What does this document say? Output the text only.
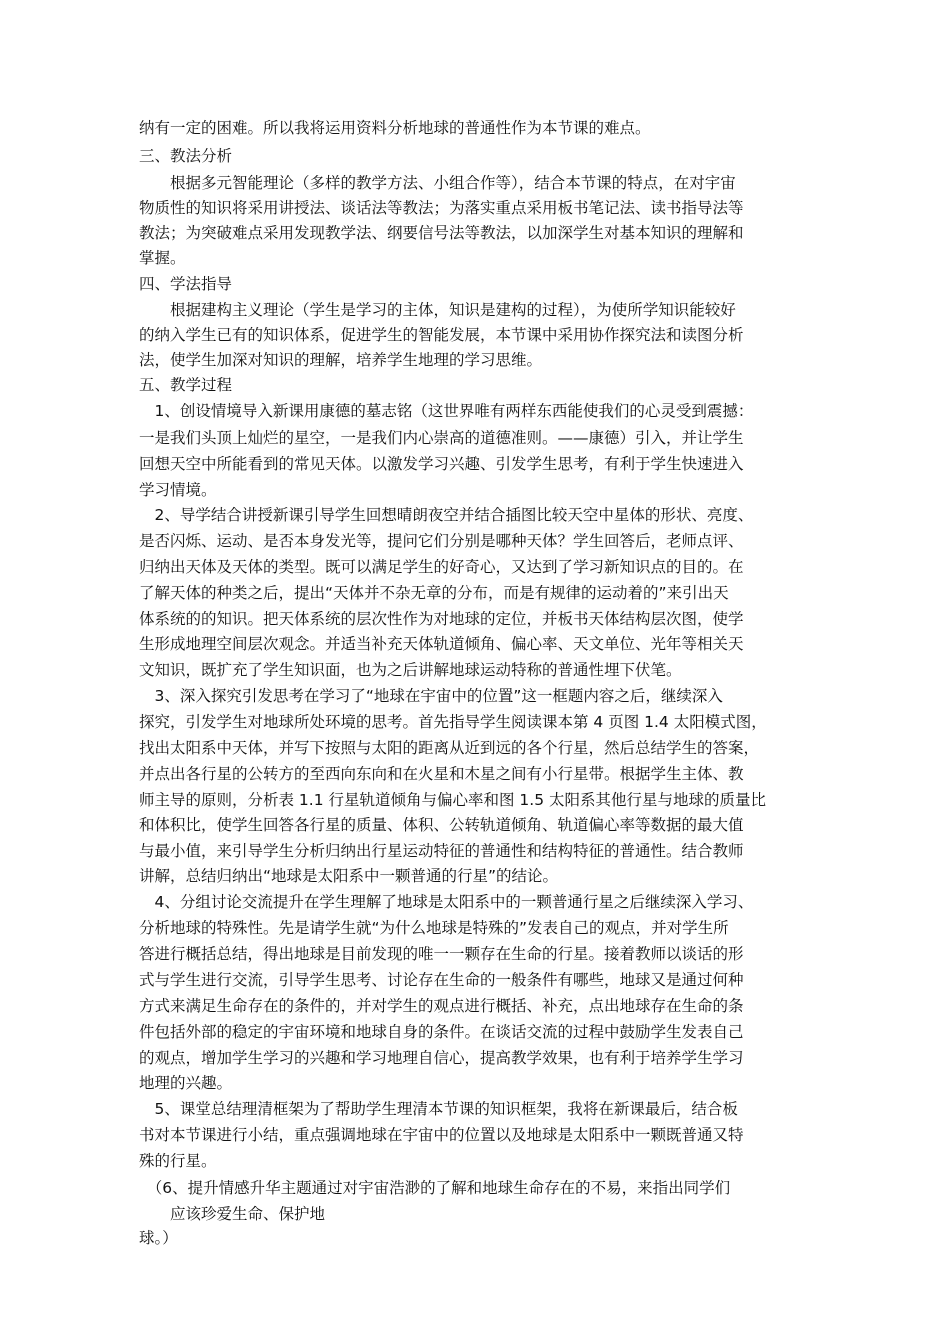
纳有一定的困难。所以我将运用资料分析地球的普通性作为本节课的难点。
三、教法分析
　　根据多元智能理论（多样的教学方法、小组合作等），结合本节课的特点，在对宇宙
物质性的知识将采用讲授法、谈话法等教法；为落实重点采用板书笔记法、读书指导法等
教法；为突破难点采用发现教学法、纲要信号法等教法，以加深学生对基本知识的理解和
掌握。
四、学法指导
　　根据建构主义理论（学生是学习的主体，知识是建构的过程），为使所学知识能较好
的纳入学生已有的知识体系，促进学生的智能发展，本节课中采用协作探究法和读图分析
法，使学生加深对知识的理解，培养学生地理的学习思维。
五、教学过程
　1、创设情境导入新课用康德的墓志铭（这世界唯有两样东西能使我们的心灵受到震撼：
一是我们头顶上灿烂的星空，一是我们内心崇高的道德准则。——康德）引入，并让学生
回想天空中所能看到的常见天体。以激发学习兴趣、引发学生思考，有利于学生快速进入
学习情境。
　2、导学结合讲授新课引导学生回想晴朗夜空并结合插图比较天空中星体的形状、亮度、
是否闪烁、运动、是否本身发光等，提问它们分别是哪种天体？学生回答后，老师点评、
归纳出天体及天体的类型。既可以满足学生的好奇心，又达到了学习新知识点的目的。在
了解天体的种类之后，提出“天体并不杂无章的分布，而是有规律的运动着的”来引出天
体系统的的知识。把天体系统的层次性作为对地球的定位，并板书天体结构层次图，使学
生形成地理空间层次观念。并适当补充天体轨道倾角、偏心率、天文单位、光年等相关天
文知识，既扩充了学生知识面，也为之后讲解地球运动特称的普通性埋下伏笔。
　3、深入探究引发思考在学习了“地球在宇宙中的位置”这一框题内容之后，继续深入
探究，引发学生对地球所处环境的思考。首先指导学生阅读课本第 4 页图 1.4 太阳模式图，
找出太阳系中天体，并写下按照与太阳的距离从近到远的各个行星，然后总结学生的答案，
并点出各行星的公转方的至西向东向和在火星和木星之间有小行星带。根据学生主体、教
师主导的原则，分析表 1.1 行星轨道倾角与偏心率和图 1.5 太阳系其他行星与地球的质量比
和体积比，使学生回答各行星的质量、体积、公转轨道倾角、轨道偏心率等数据的最大值
与最小值，来引导学生分析归纳出行星运动特征的普通性和结构特征的普通性。结合教师
讲解，总结归纳出“地球是太阳系中一颗普通的行星”的结论。
　4、分组讨论交流提升在学生理解了地球是太阳系中的一颗普通行星之后继续深入学习、
分析地球的特殊性。先是请学生就“为什么地球是特殊的”发表自己的观点，并对学生所
答进行概括总结，得出地球是目前发现的唯一一颗存在生命的行星。接着教师以谈话的形
式与学生进行交流，引导学生思考、讨论存在生命的一般条件有哪些，地球又是通过何种
方式来满足生命存在的条件的，并对学生的观点进行概括、补充，点出地球存在生命的条
件包括外部的稳定的宇宙环境和地球自身的条件。在谈话交流的过程中鼓励学生发表自己
的观点，增加学生学习的兴趣和学习地理自信心，提高教学效果，也有利于培养学生学习
地理的兴趣。
　5、课堂总结理清框架为了帮助学生理清本节课的知识框架，我将在新课最后，结合板
书对本节课进行小结，重点强调地球在宇宙中的位置以及地球是太阳系中一颗既普通又特
殊的行星。
　（6、提升情感升华主题通过对宇宙浩渺的了解和地球生命存在的不易，来指出同学们
　　应该珍爱生命、保护地
球。）
